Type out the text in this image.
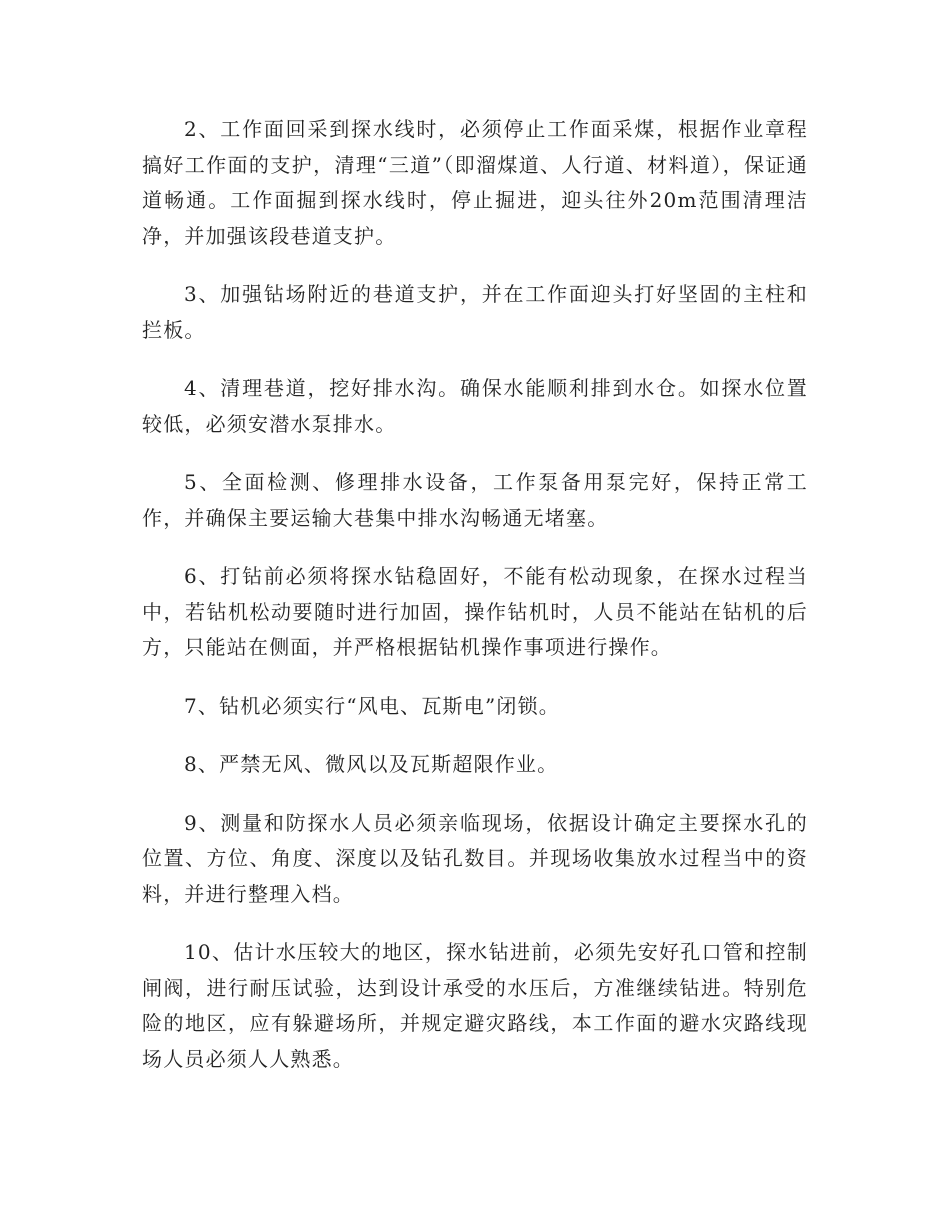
2、工作面回采到探水线时，必须停止工作面采煤，根据作业章程搞好工作面的支护，清理“三道”（即溜煤道、人行道、材料道），保证通道畅通。工作面掘到探水线时，停止掘进，迎头往外20m范围清理洁净，并加强该段巷道支护。

3、加强钻场附近的巷道支护，并在工作面迎头打好坚固的主柱和拦板。

4、清理巷道，挖好排水沟。确保水能顺利排到水仓。如探水位置较低，必须安潜水泵排水。

5、全面检测、修理排水设备，工作泵备用泵完好，保持正常工作，并确保主要运输大巷集中排水沟畅通无堵塞。

6、打钻前必须将探水钻稳固好，不能有松动现象，在探水过程当中，若钻机松动要随时进行加固，操作钻机时，人员不能站在钻机的后方，只能站在侧面，并严格根据钻机操作事项进行操作。

7、钻机必须实行“风电、瓦斯电”闭锁。

8、严禁无风、微风以及瓦斯超限作业。

9、测量和防探水人员必须亲临现场，依据设计确定主要探水孔的位置、方位、角度、深度以及钻孔数目。并现场收集放水过程当中的资料，并进行整理入档。

10、估计水压较大的地区，探水钻进前，必须先安好孔口管和控制闸阀，进行耐压试验，达到设计承受的水压后，方准继续钻进。特别危险的地区，应有躲避场所，并规定避灾路线，本工作面的避水灾路线现场人员必须人人熟悉。
